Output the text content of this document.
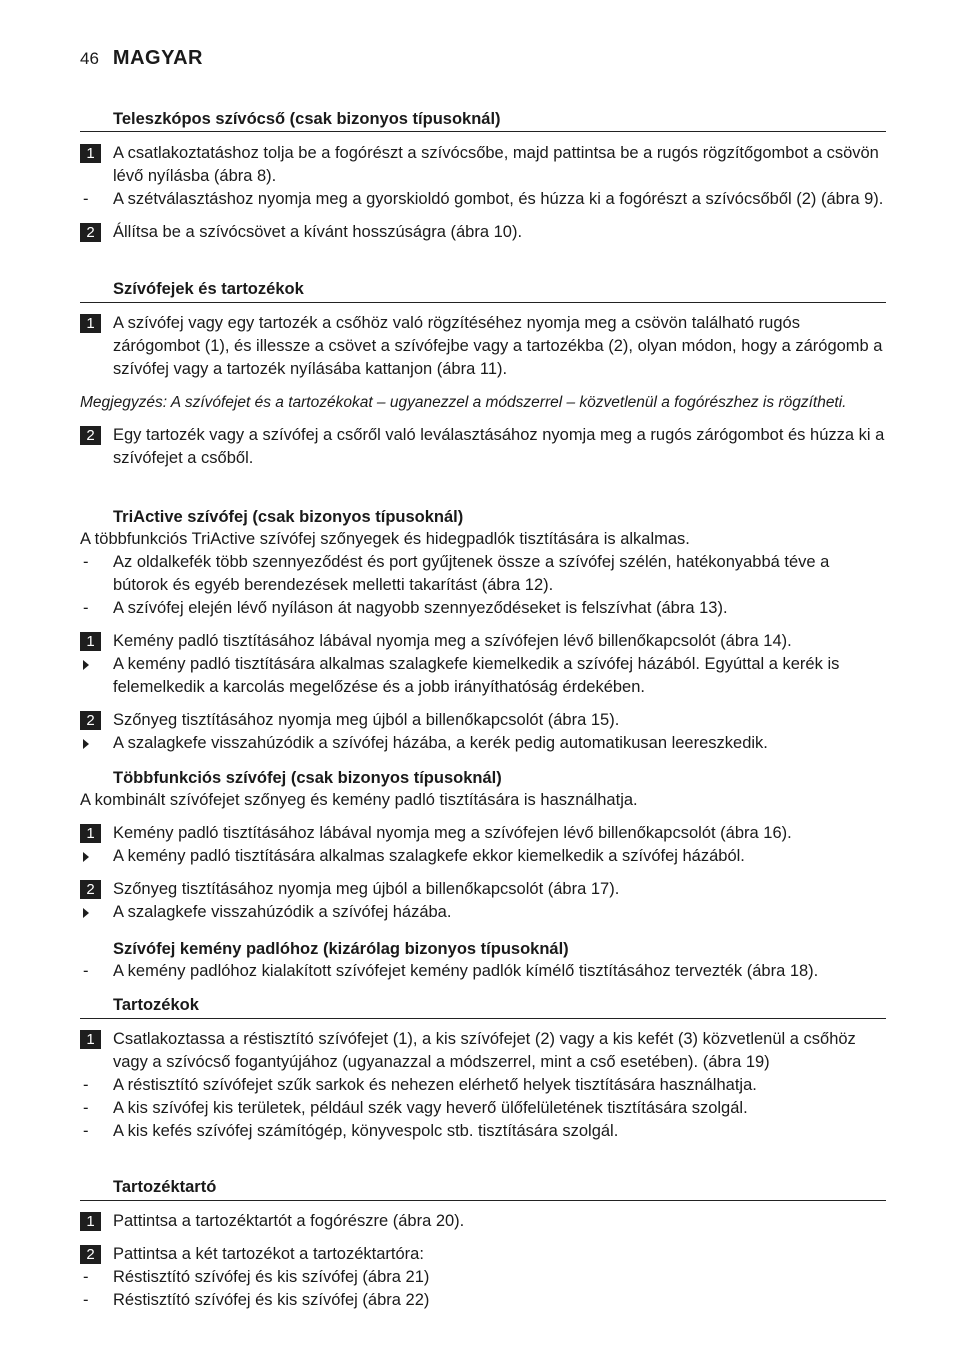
46 MAGYAR
Teleszkópos szívócső (csak bizonyos típusoknál)
1	A csatlakoztatáshoz tolja be a fogórészt a szívócsőbe, majd pattintsa be a rugós rögzítőgombot a csövön lévő nyílásba (ábra 8).
- A szétválasztáshoz nyomja meg a gyorskioldó gombot, és húzza ki a fogórészt a szívócsőből (2) (ábra 9).
2	Állítsa be a szívócsövet a kívánt hosszúságra (ábra 10).
Szívófejek és tartozékok
1	A szívófej vagy egy tartozék a csőhöz való rögzítéséhez nyomja meg a csövön található rugós zárógombot (1), és illessze a csövet a szívófejbe vagy a tartozékba (2), olyan módon, hogy a zárógomb a szívófej vagy a tartozék nyílásába kattanjon (ábra 11).
Megjegyzés: A szívófejet és a tartozékokat – ugyanezzel a módszerrel – közvetlenül a fogórészhez is rögzítheti.
2	Egy tartozék vagy a szívófej a csőről való leválasztásához nyomja meg a rugós zárógombot és húzza ki a szívófejet a csőből.
TriActive szívófej (csak bizonyos típusoknál)
A többfunkciós TriActive szívófej szőnyegek és hidegpadlók tisztítására is alkalmas.
- Az oldalkefék több szennyeződést és port gyűjtenek össze a szívófej szélén, hatékonyabbá téve a bútorok és egyéb berendezések melletti takarítást (ábra 12).
- A szívófej elején lévő nyíláson át nagyobb szennyeződéseket is felszívhat (ábra 13).
1	Kemény padló tisztításához lábával nyomja meg a szívófejen lévő billenőkapcsolót (ábra 14).
A kemény padló tisztítására alkalmas szalagkefe kiemelkedik a szívófej házából. Egyúttal a kerék is felemelkedik a karcolás megelőzése és a jobb irányíthatóság érdekében.
2	Szőnyeg tisztításához nyomja meg újból a billenőkapcsolót (ábra 15).
A szalagkefe visszahúzódik a szívófej házába, a kerék pedig automatikusan leereszkedik.
Többfunkciós szívófej (csak bizonyos típusoknál)
A kombinált szívófejet szőnyeg és kemény padló tisztítására is használhatja.
1	Kemény padló tisztításához lábával nyomja meg a szívófejen lévő billenőkapcsolót (ábra 16).
A kemény padló tisztítására alkalmas szalagkefe ekkor kiemelkedik a szívófej házából.
2	Szőnyeg tisztításához nyomja meg újból a billenőkapcsolót (ábra 17).
A szalagkefe visszahúzódik a szívófej házába.
Szívófej kemény padlóhoz (kizárólag bizonyos típusoknál)
- A kemény padlóhoz kialakított szívófejet kemény padlók kímélő tisztításához tervezték (ábra 18).
Tartozékok
1	Csatlakoztassa a réstisztító szívófejet (1), a kis szívófejet (2) vagy a kis kefét (3) közvetlenül a csőhöz vagy a szívócső fogantyújához (ugyanazzal a módszerrel, mint a cső esetében). (ábra 19)
- A réstisztító szívófejet szűk sarkok és nehezen elérhető helyek tisztítására használhatja.
- A kis szívófej kis területek, például szék vagy heverő ülőfelületének tisztítására szolgál.
- A kis kefés szívófej számítógép, könyvespolc stb. tisztítására szolgál.
Tartozéktartó
1	Pattintsa a tartozéktartót a fogórészre (ábra 20).
2	Pattintsa a két tartozékot a tartozéktartóra:
- Réstisztító szívófej és kis szívófej (ábra 21)
- Réstisztító szívófej és kis szívófej (ábra 22)
